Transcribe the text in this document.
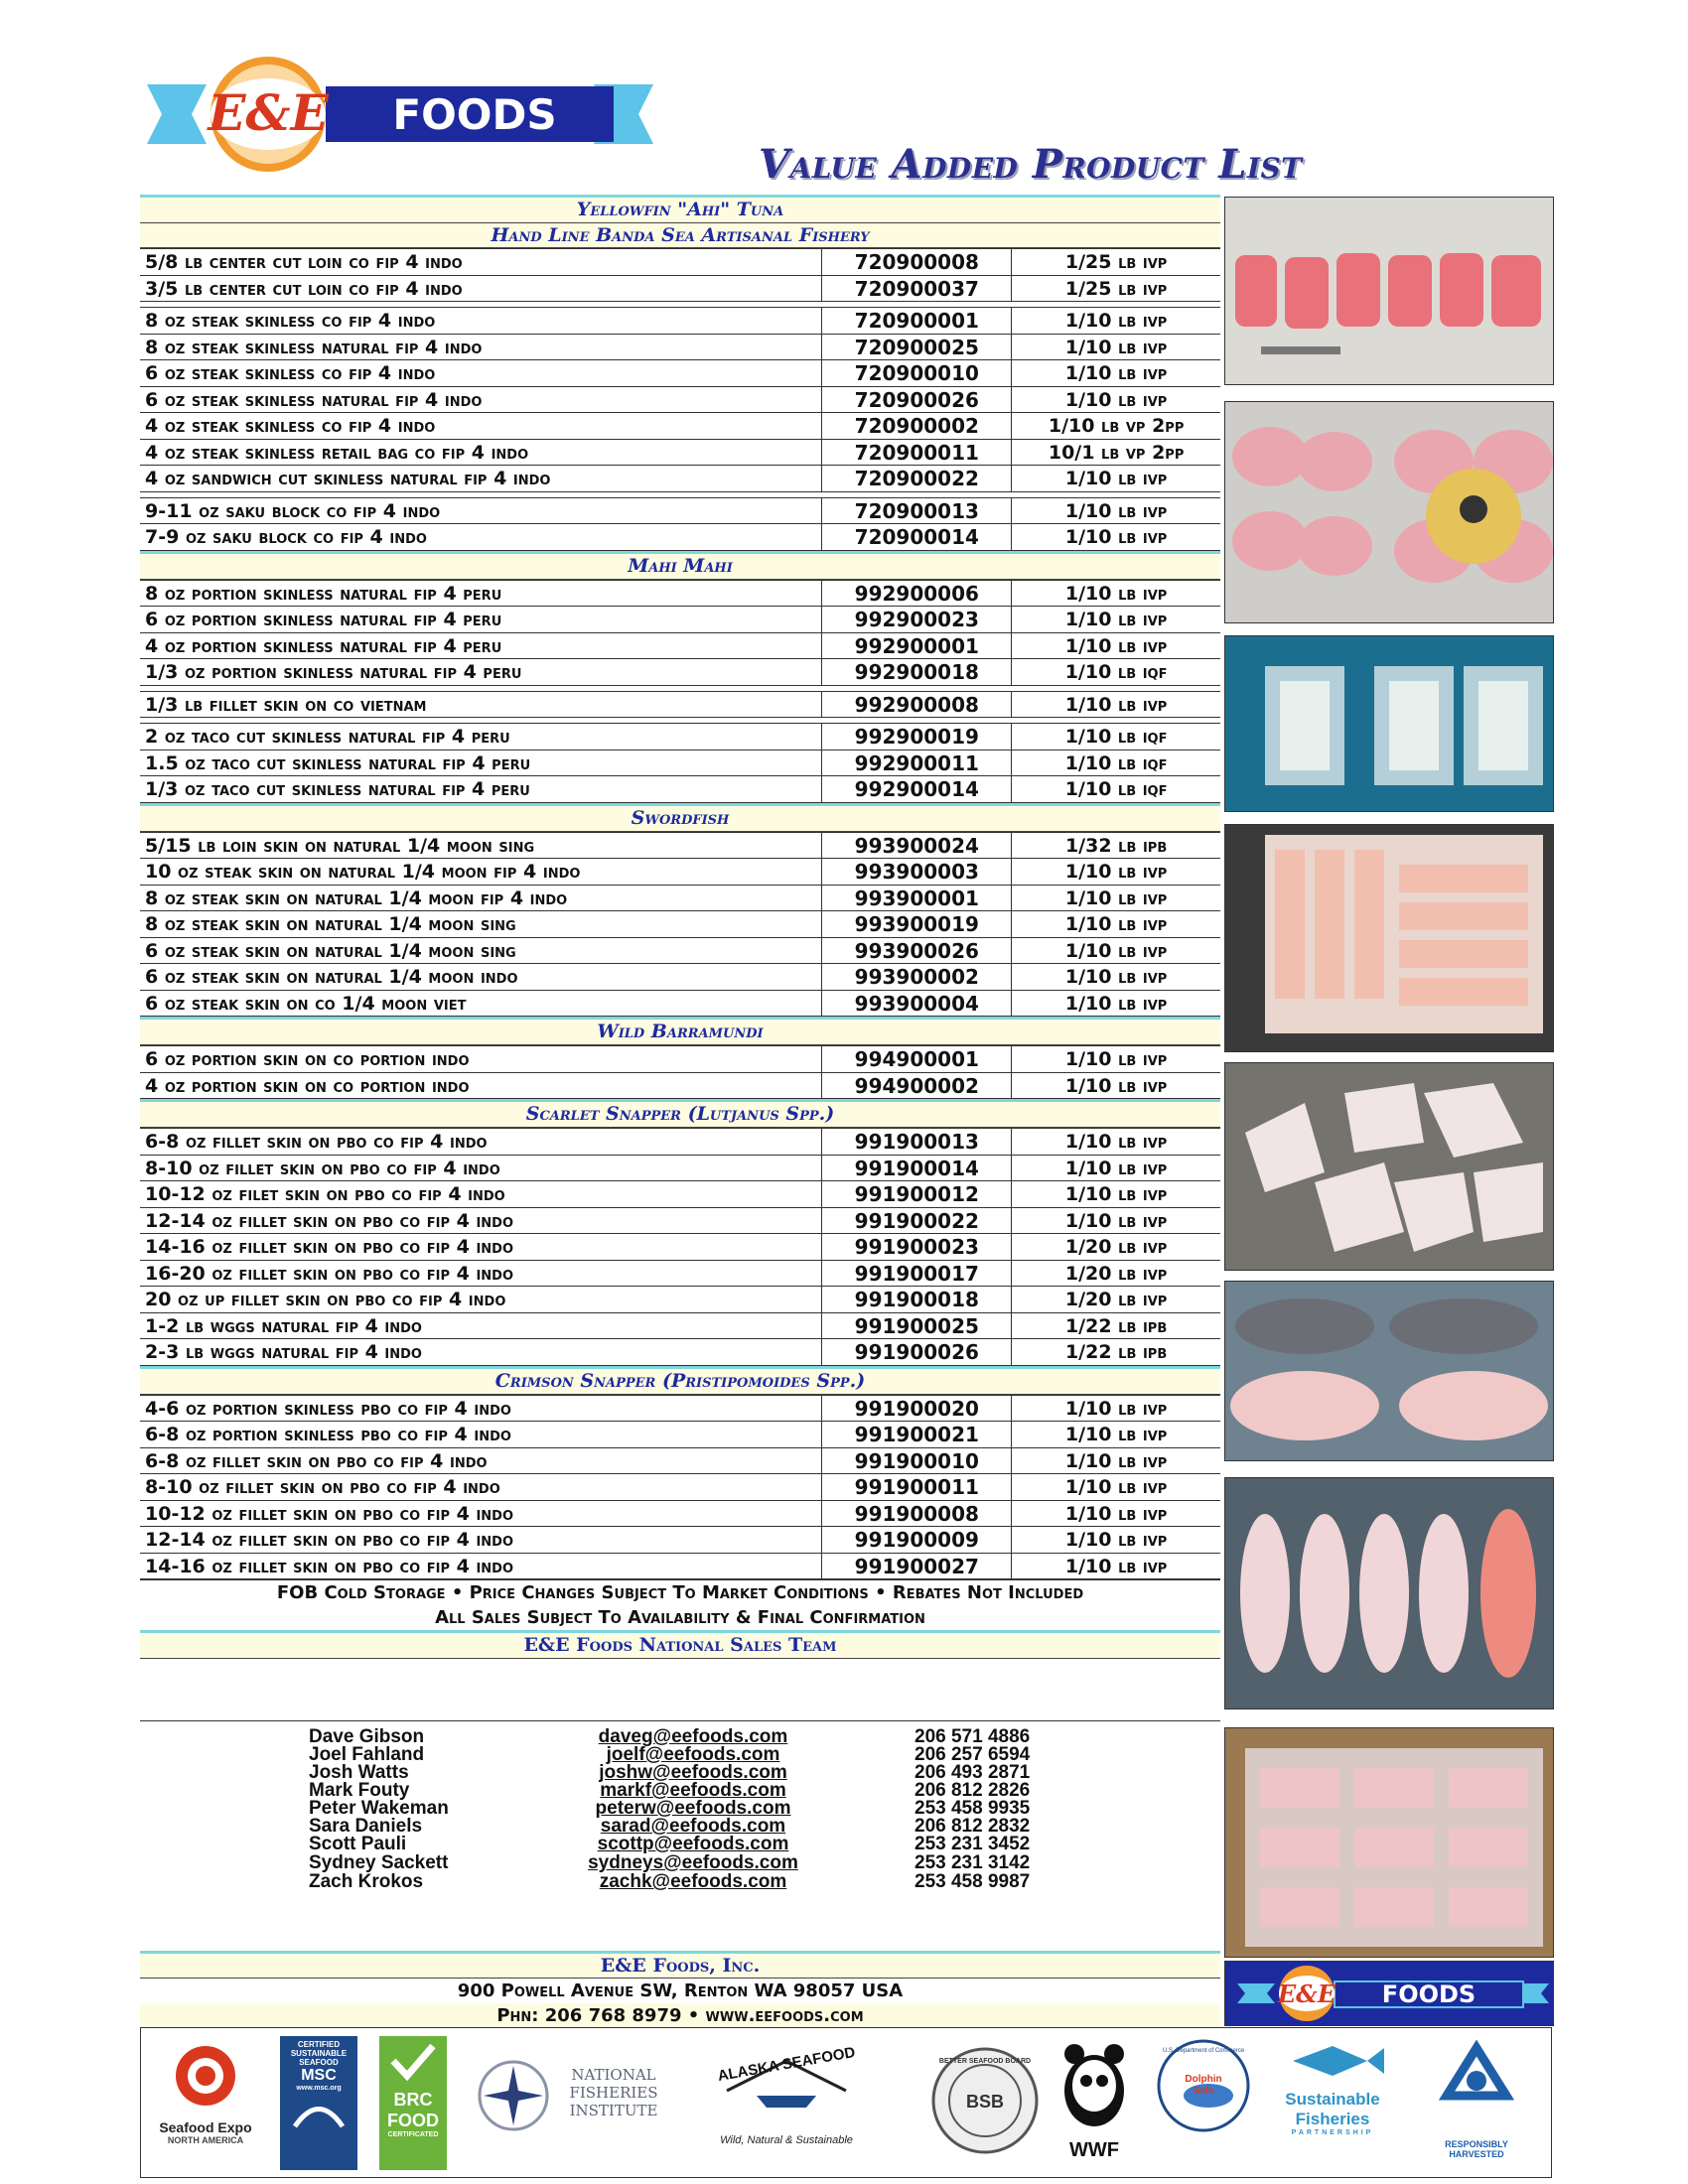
E&E FOODS
Value Added Product List
Yellowfin "Ahi" Tuna
Hand Line Banda Sea Artisanal Fishery
5/8 lb center cut loin co fip 4 indo	720900008	1/25 lb ivp
3/5 lb center cut loin co fip 4 indo	720900037	1/25 lb ivp
8 oz steak skinless co fip 4 indo	720900001	1/10 lb ivp
8 oz steak skinless natural fip 4 indo	720900025	1/10 lb ivp
6 oz steak skinless co fip 4 indo	720900010	1/10 lb ivp
6 oz steak skinless natural fip 4 indo	720900026	1/10 lb ivp
4 oz steak skinless co fip 4 indo	720900002	1/10 lb vp 2pp
4 oz steak skinless retail bag co fip 4 indo	720900011	10/1 lb vp 2pp
4 oz sandwich cut skinless natural fip 4 indo	720900022	1/10 lb ivp
9-11 oz saku block co fip 4 indo	720900013	1/10 lb ivp
7-9 oz saku block co fip 4 indo	720900014	1/10 lb ivp
Mahi Mahi
8 oz portion skinless natural fip 4 peru	992900006	1/10 lb ivp
6 oz portion skinless natural fip 4 peru	992900023	1/10 lb ivp
4 oz portion skinless natural fip 4 peru	992900001	1/10 lb ivp
1/3 oz portion skinless natural fip 4 peru	992900018	1/10 lb iqf
1/3 lb fillet skin on co vietnam	992900008	1/10 lb ivp
2 oz taco cut skinless natural fip 4 peru	992900019	1/10 lb iqf
1.5 oz taco cut skinless natural fip 4 peru	992900011	1/10 lb iqf
1/3 oz taco cut skinless natural fip 4 peru	992900014	1/10 lb iqf
Swordfish
5/15 lb loin skin on natural 1/4 moon sing	993900024	1/32 lb ipb
10 oz steak skin on natural 1/4 moon fip 4 indo	993900003	1/10 lb ivp
8 oz steak skin on natural 1/4 moon fip 4 indo	993900001	1/10 lb ivp
8 oz steak skin on natural 1/4 moon sing	993900019	1/10 lb ivp
6 oz steak skin on natural 1/4 moon sing	993900026	1/10 lb ivp
6 oz steak skin on natural 1/4 moon indo	993900002	1/10 lb ivp
6 oz steak skin on co 1/4 moon viet	993900004	1/10 lb ivp
Wild Barramundi
6 oz portion skin on co portion indo	994900001	1/10 lb ivp
4 oz portion skin on co portion indo	994900002	1/10 lb ivp
Scarlet Snapper (Lutjanus Spp.)
6-8 oz fillet skin on pbo co fip 4 indo	991900013	1/10 lb ivp
8-10 oz fillet skin on pbo co fip 4 indo	991900014	1/10 lb ivp
10-12 oz filet skin on pbo co fip 4 indo	991900012	1/10 lb ivp
12-14 oz fillet skin on pbo co fip 4 indo	991900022	1/10 lb ivp
14-16 oz fillet skin on pbo co fip 4 indo	991900023	1/20 lb ivp
16-20 oz fillet skin on pbo co fip 4 indo	991900017	1/20 lb ivp
20 oz up fillet skin on pbo co fip 4 indo	991900018	1/20 lb ivp
1-2 lb wggs natural fip 4 indo	991900025	1/22 lb ipb
2-3 lb wggs natural fip 4 indo	991900026	1/22 lb ipb
Crimson Snapper (Pristipomoides Spp.)
4-6 oz portion skinless pbo co fip 4 indo	991900020	1/10 lb ivp
6-8 oz portion skinless pbo co fip 4 indo	991900021	1/10 lb ivp
6-8 oz fillet skin on pbo co fip 4 indo	991900010	1/10 lb ivp
8-10 oz fillet skin on pbo co fip 4 indo	991900011	1/10 lb ivp
10-12 oz fillet skin on pbo co fip 4 indo	991900008	1/10 lb ivp
12-14 oz fillet skin on pbo co fip 4 indo	991900009	1/10 lb ivp
14-16 oz fillet skin on pbo co fip 4 indo	991900027	1/10 lb ivp
FOB Cold Storage • Price Changes Subject To Market Conditions • Rebates Not Included
All Sales Subject To Availability & Final Confirmation
E&E Foods National Sales Team
Dave Gibson	daveg@eefoods.com	206 571 4886
Joel Fahland	joelf@eefoods.com	206 257 6594
Josh Watts	joshw@eefoods.com	206 493 2871
Mark Fouty	markf@eefoods.com	206 812 2826
Peter Wakeman	peterw@eefoods.com	253 458 9935
Sara Daniels	sarad@eefoods.com	206 812 2832
Scott Pauli	scottp@eefoods.com	253 231 3452
Sydney Sackett	sydneys@eefoods.com	253 231 3142
Zach Krokos	zachk@eefoods.com	253 458 9987
E&E Foods, Inc.
900 Powell Avenue SW, Renton WA 98057 USA
Phn: 206 768 8979 • www.eefoods.com
E&E FOODS
Seafood Expo
NORTH AMERICA
CERTIFIED
SUSTAINABLE
SEAFOOD
MSC
www.msc.org
BRC
FOOD
CERTIFICATED
NATIONAL
FISHERIES
INSTITUTE
ALASKA SEAFOOD
Wild, Natural & Sustainable
BETTER SEAFOOD BOARD
BSB
WWF
U.S. Department of Commerce
Dolphin
Safe	Sustainable
Fisheries
PARTNERSHIP
RESPONSIBLY
HARVESTED
